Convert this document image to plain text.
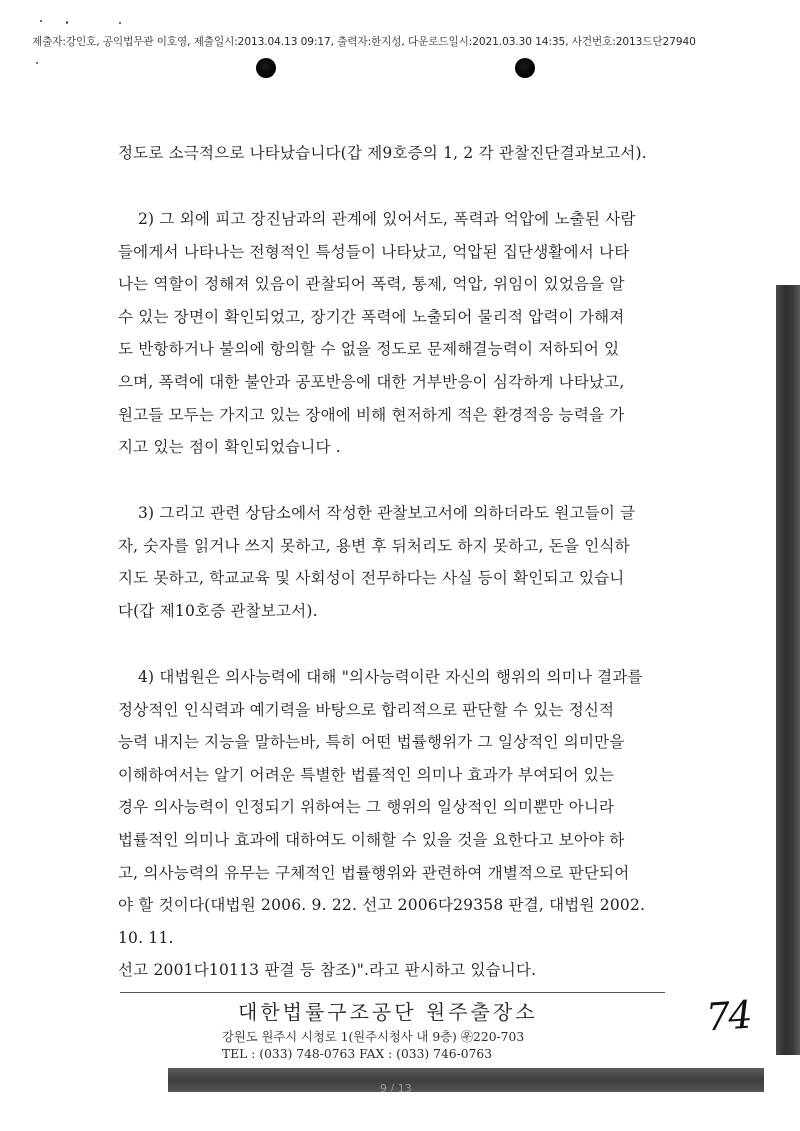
제출자:강인호, 공익법무관 이호영, 제출일시:2013.04.13 09:17, 출력자:한지성, 다운로드일시:2021.03.30 14:35, 사건번호:2013드단27940

정도로 소극적으로 나타났습니다(갑 제9호증의 1, 2 각 관찰진단결과보고서).

2) 그 외에 피고 장진남과의 관계에 있어서도, 폭력과 억압에 노출된 사람

들에게서 나타나는 전형적인 특성들이 나타났고, 억압된 집단생활에서 나타

나는 역할이 정해져 있음이 관찰되어 폭력, 통제, 억압, 위임이 있었음을 알

수 있는 장면이 확인되었고, 장기간 폭력에 노출되어 물리적 압력이 가해져

도 반항하거나 불의에 항의할 수 없을 정도로 문제해결능력이 저하되어 있

으며, 폭력에 대한 불안과 공포반응에 대한 거부반응이 심각하게 나타났고,

원고들 모두는 가지고 있는 장애에 비해 현저하게 적은 환경적응 능력을 가

지고 있는 점이 확인되었습니다 .

3) 그리고 관련 상담소에서 작성한 관찰보고서에 의하더라도 원고들이 글

자, 숫자를 읽거나 쓰지 못하고, 용변 후 뒤처리도 하지 못하고, 돈을 인식하

지도 못하고, 학교교육 및 사회성이 전무하다는 사실 등이 확인되고 있습니

다(갑 제10호증 관찰보고서).

4) 대법원은 의사능력에 대해 "의사능력이란 자신의 행위의 의미나 결과를

정상적인 인식력과 예기력을 바탕으로 합리적으로 판단할 수 있는 정신적

능력 내지는 지능을 말하는바, 특히 어떤 법률행위가 그 일상적인 의미만을

이해하여서는 알기 어려운 특별한 법률적인 의미나 효과가 부여되어 있는

경우 의사능력이 인정되기 위하여는 그 행위의 일상적인 의미뿐만 아니라

법률적인 의미나 효과에 대하여도 이해할 수 있을 것을 요한다고 보아야 하

고, 의사능력의 유무는 구체적인 법률행위와 관련하여 개별적으로 판단되어

야 할 것이다(대법원 2006. 9. 22. 선고 2006다29358 판결, 대법원 2002. 10. 11.

선고 2001다10113 판결 등 참조)".라고 판시하고 있습니다.

대한법률구조공단 원주출장소
강원도 원주시 시청로 1(원주시청사 내 9층) ㉾220-703
TEL : (033) 748-0763 FAX : (033) 746-0763
74
9 / 13
